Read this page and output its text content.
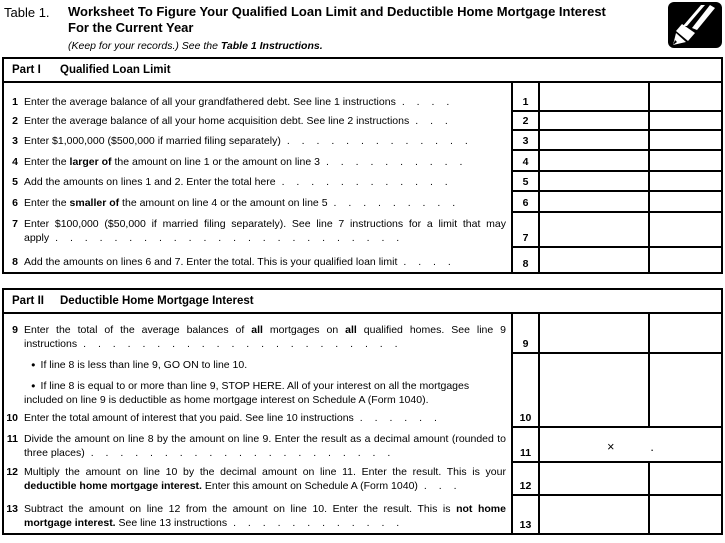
Table 1. Worksheet To Figure Your Qualified Loan Limit and Deductible Home Mortgage Interest For the Current Year
(Keep for your records.) See the Table 1 Instructions.
Part I	Qualified Loan Limit
1 Enter the average balance of all your grandfathered debt. See line 1 instructions . . . .	1
2 Enter the average balance of all your home acquisition debt. See line 2 instructions . . .	2
3 Enter $1,000,000 ($500,000 if married filing separately) . . . . . . . . . . . . .	3
4 Enter the larger of the amount on line 1 or the amount on line 3 . . . . . . . . . .	4
5 Add the amounts on lines 1 and 2. Enter the total here . . . . . . . . . . . .	5
6 Enter the smaller of the amount on line 4 or the amount on line 5 . . . . . . . . .	6
7 Enter $100,000 ($50,000 if married filing separately). See line 7 instructions for a limit that may apply . . . . . . . . . . . . . . . . . . . . . . . .	7
8 Add the amounts on lines 6 and 7. Enter the total. This is your qualified loan limit . . . .	8
Part II	Deductible Home Mortgage Interest
9 Enter the total of the average balances of all mortgages on all qualified homes. See line 9 instructions . . . . . . . . . . . . . . . . . . . . . .	9
● If line 8 is less than line 9, GO ON to line 10.
● If line 8 is equal to or more than line 9, STOP HERE. All of your interest on all the mortgages included on line 9 is deductible as home mortgage interest on Schedule A (Form 1040).
10 Enter the total amount of interest that you paid. See line 10 instructions . . . . . .	10
11 Divide the amount on line 8 by the amount on line 9. Enter the result as a decimal amount (rounded to three places) . . . . . . . . . . . . . . . . . . . . .	11	×	.
12 Multiply the amount on line 10 by the decimal amount on line 11. Enter the result. This is your deductible home mortgage interest. Enter this amount on Schedule A (Form 1040) . . .	12
13 Subtract the amount on line 12 from the amount on line 10. Enter the result. This is not home mortgage interest. See line 13 instructions . . . . . . . . . . . .	13
